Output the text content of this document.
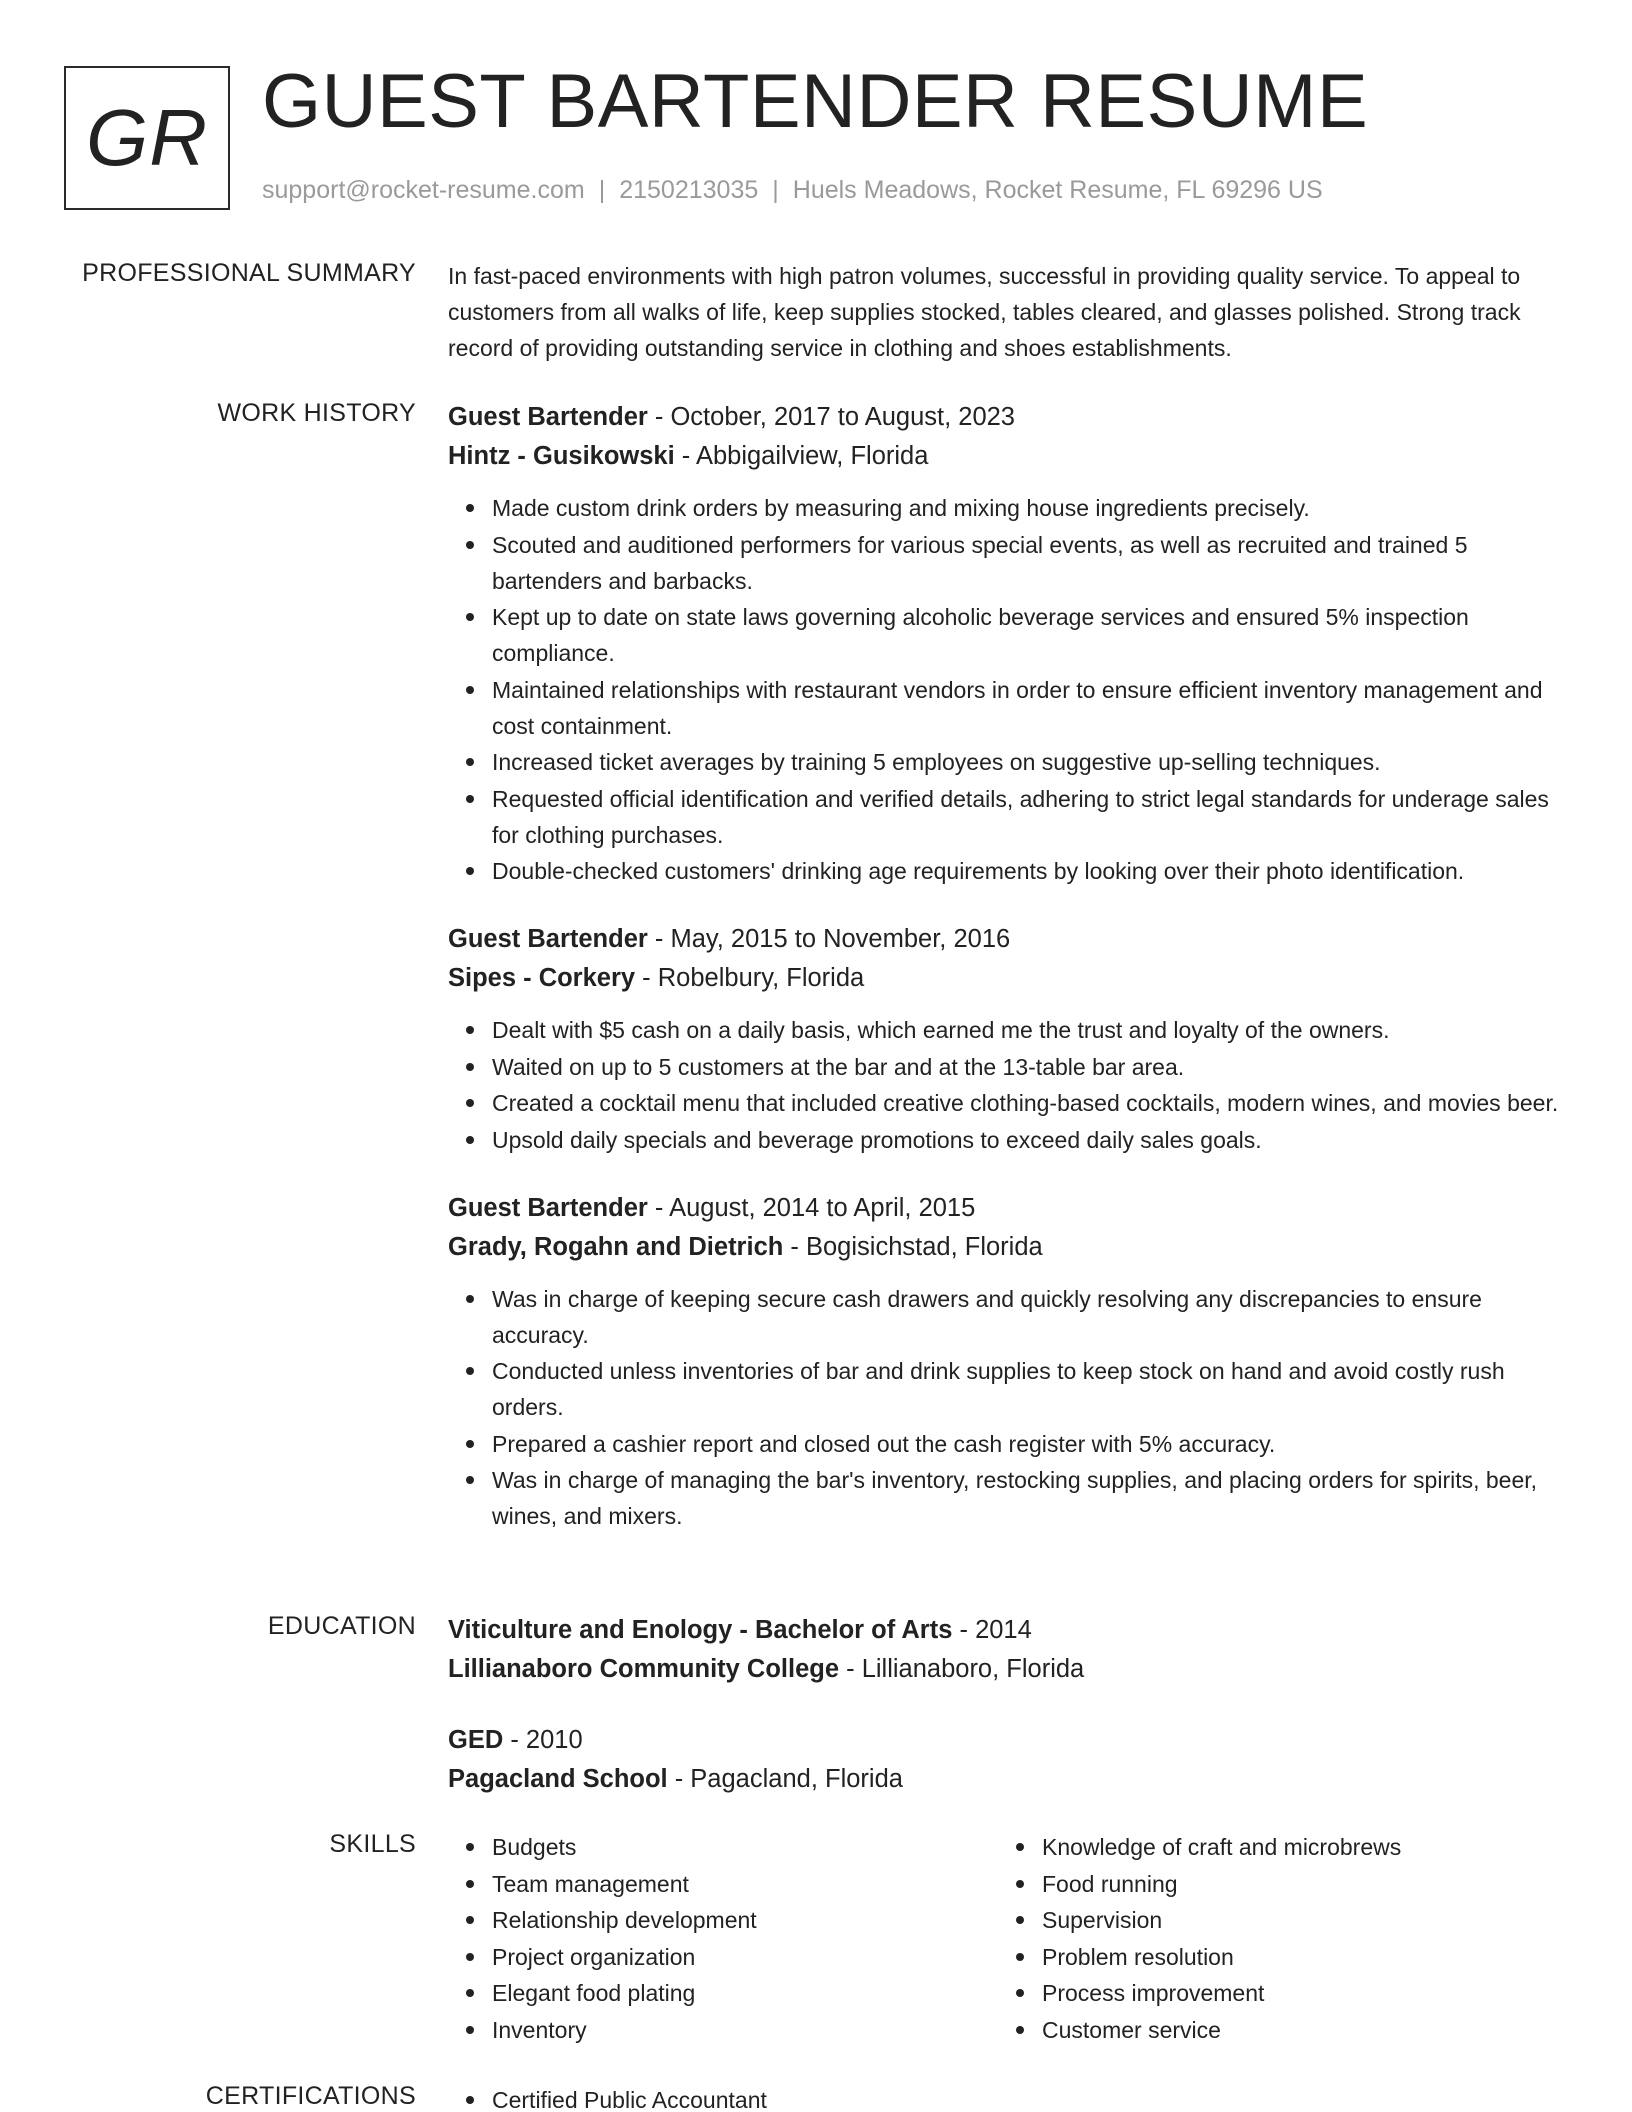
GR GUEST BARTENDER RESUME
support@rocket-resume.com | 2150213035 | Huels Meadows, Rocket Resume, FL 69296 US
PROFESSIONAL SUMMARY In fast-paced environments with high patron volumes, successful in providing quality service. To appeal to customers from all walks of life, keep supplies stocked, tables cleared, and glasses polished. Strong track record of providing outstanding service in clothing and shoes establishments.

WORK HISTORY Guest Bartender - October, 2017 to August, 2023
Hintz - Gusikowski - Abbigailview, Florida
Made custom drink orders by measuring and mixing house ingredients precisely.
Scouted and auditioned performers for various special events, as well as recruited and trained 5 bartenders and barbacks.
Kept up to date on state laws governing alcoholic beverage services and ensured 5% inspection compliance.
Maintained relationships with restaurant vendors in order to ensure efficient inventory management and cost containment.
Increased ticket averages by training 5 employees on suggestive up-selling techniques.
Requested official identification and verified details, adhering to strict legal standards for underage sales for clothing purchases.
Double-checked customers' drinking age requirements by looking over their photo identification.
Guest Bartender - May, 2015 to November, 2016
Sipes - Corkery - Robelbury, Florida
Dealt with $5 cash on a daily basis, which earned me the trust and loyalty of the owners.
Waited on up to 5 customers at the bar and at the 13-table bar area.
Created a cocktail menu that included creative clothing-based cocktails, modern wines, and movies beer.
Upsold daily specials and beverage promotions to exceed daily sales goals.
Guest Bartender - August, 2014 to April, 2015
Grady, Rogahn and Dietrich - Bogisichstad, Florida
Was in charge of keeping secure cash drawers and quickly resolving any discrepancies to ensure accuracy.
Conducted unless inventories of bar and drink supplies to keep stock on hand and avoid costly rush orders.
Prepared a cashier report and closed out the cash register with 5% accuracy.
Was in charge of managing the bar's inventory, restocking supplies, and placing orders for spirits, beer, wines, and mixers.
EDUCATION Viticulture and Enology - Bachelor of Arts - 2014
Lillianaboro Community College - Lillianaboro, Florida
GED - 2010
Pagacland School - Pagacland, Florida
SKILLS	Budgets
Team management
Relationship development
Project organization
Elegant food plating
Inventory
Knowledge of craft and microbrews
Food running
Supervision
Problem resolution
Process improvement
Customer service
CERTIFICATIONS	Certified Public Accountant
